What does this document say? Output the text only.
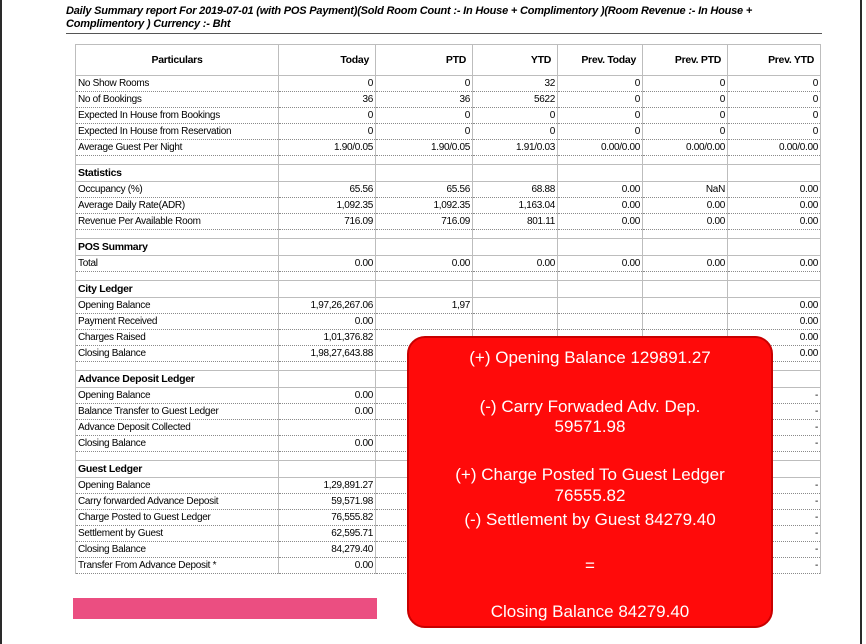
Daily Summary report For 2019-07-01 (with POS Payment)(Sold Room Count :- In House + Complimentory )(Room Revenue :- In House + Complimentory ) Currency :- Bht
Particulars	Today	PTD	YTD	Prev. Today	Prev. PTD	Prev. YTD
No Show Rooms	0	0	32	0	0	0
No of Bookings	36	36	5622	0	0	0
Expected In House from Bookings	0	0	0	0	0	0
Expected In House from Reservation	0	0	0	0	0	0
Average Guest Per Night	1.90/0.05	1.90/0.05	1.91/0.03	0.00/0.00	0.00/0.00	0.00/0.00

Statistics						
Occupancy (%)	65.56	65.56	68.88	0.00	NaN	0.00
Average Daily Rate(ADR)	1,092.35	1,092.35	1,163.04	0.00	0.00	0.00
Revenue Per Available Room	716.09	716.09	801.11	0.00	0.00	0.00

POS Summary						
Total	0.00	0.00	0.00	0.00	0.00	0.00

City Ledger						
Opening Balance	1,97,26,267.06	1,97				0.00
Payment Received	0.00					0.00
Charges Raised	1,01,376.82					0.00
Closing Balance	1,98,27,643.88					0.00

Advance Deposit Ledger						
Opening Balance	0.00					-
Balance Transfer to Guest Ledger	0.00					-
Advance Deposit Collected						-
Closing Balance	0.00					-

Guest Ledger						
Opening Balance	1,29,891.27					-
Carry forwarded Advance Deposit	59,571.98					-
Charge Posted to Guest Ledger	76,555.82					-
Settlement by Guest	62,595.71					-
Closing Balance	84,279.40					-
Transfer From Advance Deposit *	0.00					-
(+) Opening Balance 129891.27
(-) Carry Forwaded Adv. Dep.
59571.98
(+) Charge Posted To Guest Ledger
76555.82
(-) Settlement by Guest 84279.40
=
Closing Balance 84279.40
